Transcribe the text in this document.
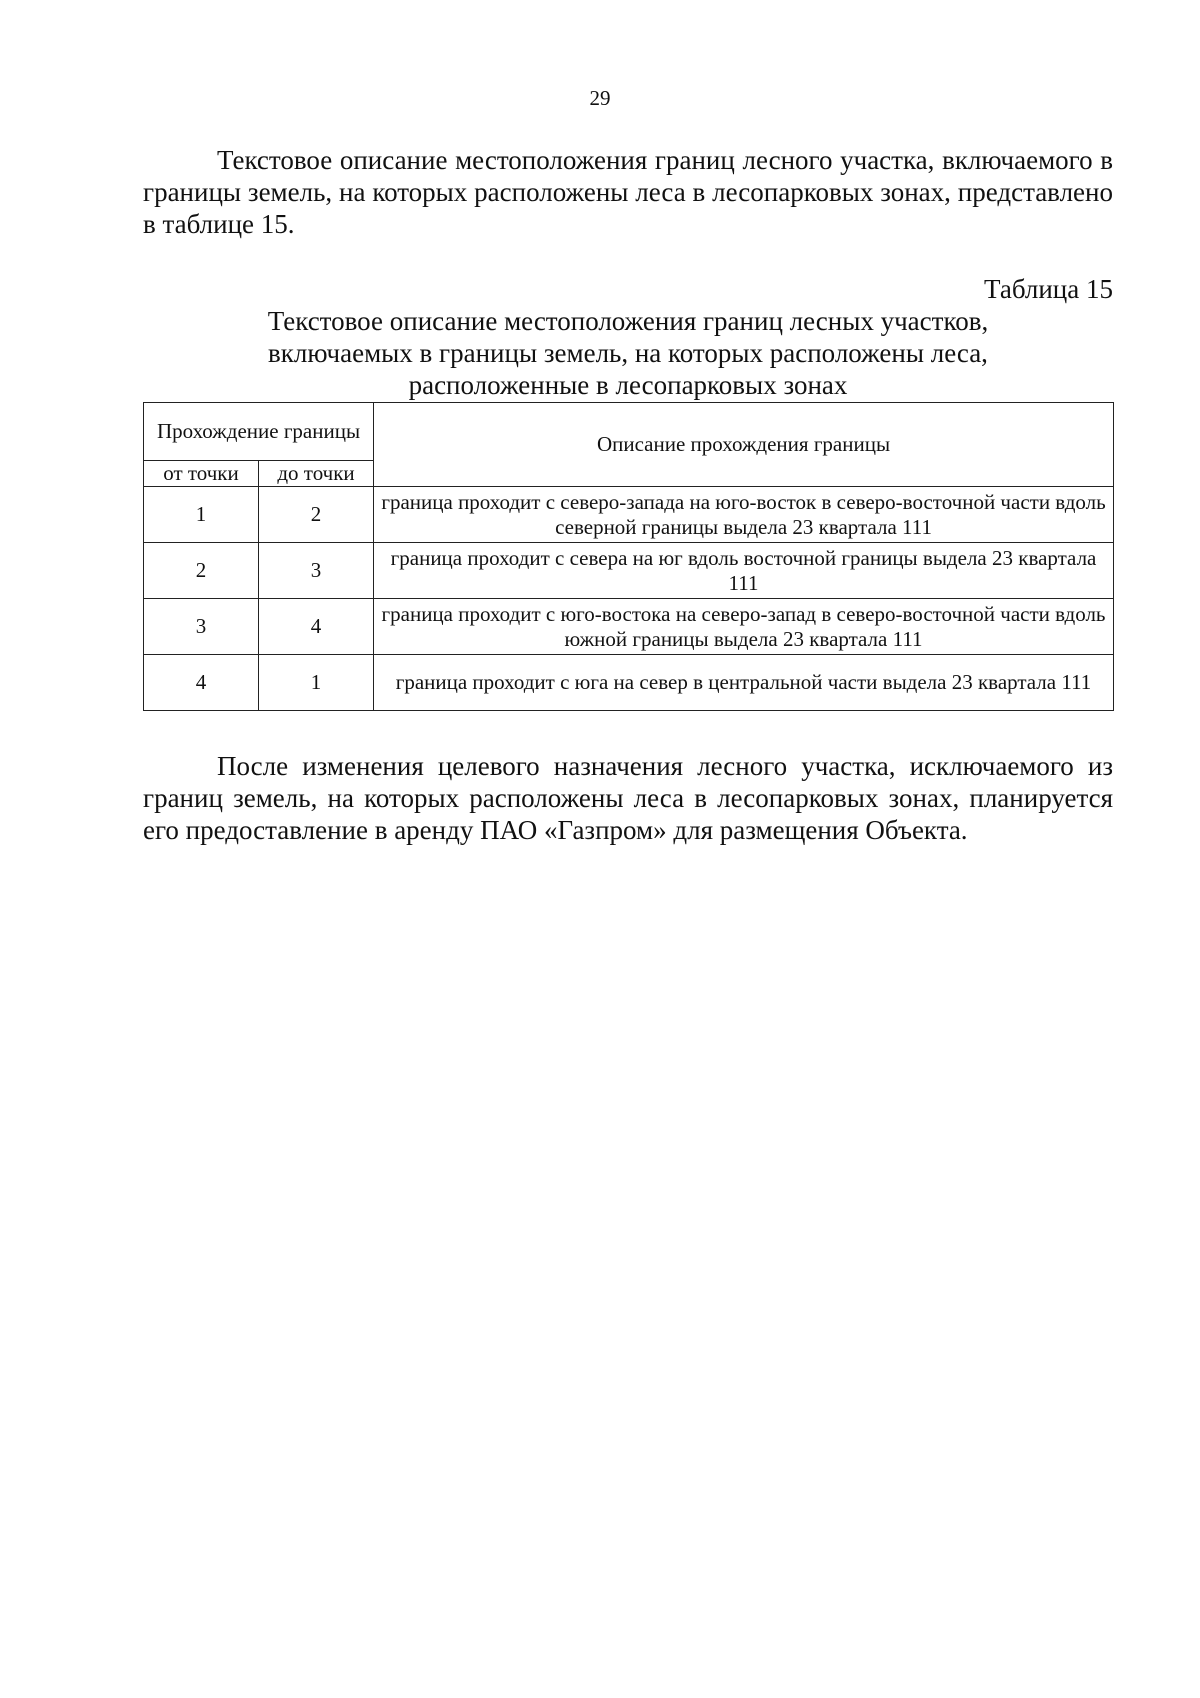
29

Текстовое описание местоположения границ лесного участка, включаемого в границы земель, на которых расположены леса в лесопарковых зонах, представлено в таблице 15.

Таблица 15
Текстовое описание местоположения границ лесных участков,
включаемых в границы земель, на которых расположены леса,
расположенные в лесопарковых зонах
Прохождение границы		Описание прохождения границы
от точки	до точки	
1	2	граница проходит с северо-запада на юго-восток в северо-восточной части вдоль северной границы выдела 23 квартала 111
2	3	граница проходит с севера на юг вдоль восточной границы выдела 23 квартала 111
3	4	граница проходит с юго-востока на северо-запад в северо-восточной части вдоль южной границы выдела 23 квартала 111
4	1	граница проходит с юга на север в центральной части выдела 23 квартала 111

После изменения целевого назначения лесного участка, исключаемого из границ земель, на которых расположены леса в лесопарковых зонах, планируется его предоставление в аренду ПАО «Газпром» для размещения Объекта.
